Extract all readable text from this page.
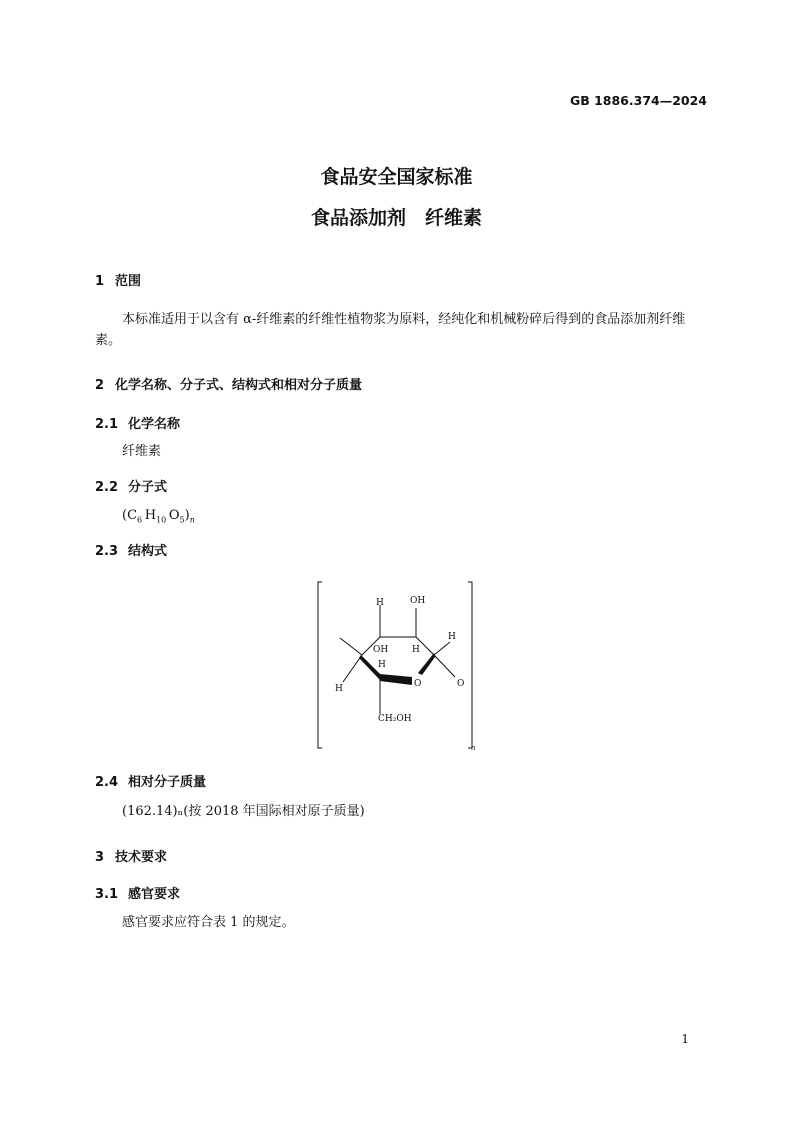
GB 1886.374—2024
食品安全国家标准
食品添加剂　纤维素
1 范围
本标准适用于以含有 α-纤维素的纤维性植物浆为原料，经纯化和机械粉碎后得到的食品添加剂纤维素。
2 化学名称、分子式、结构式和相对分子质量
2.1 化学名称
纤维素
2.2 分子式
($C_6$  $H_{10}$  $O_5)_n$
2.3 结构式
H	OH
H
OH	H
H
O	O
H
CH₂OH
n
2.4 相对分子质量
(162.14)ₙ(按 2018 年国际相对原子质量)
3 技术要求
3.1 感官要求
感官要求应符合表 1 的规定。
1
